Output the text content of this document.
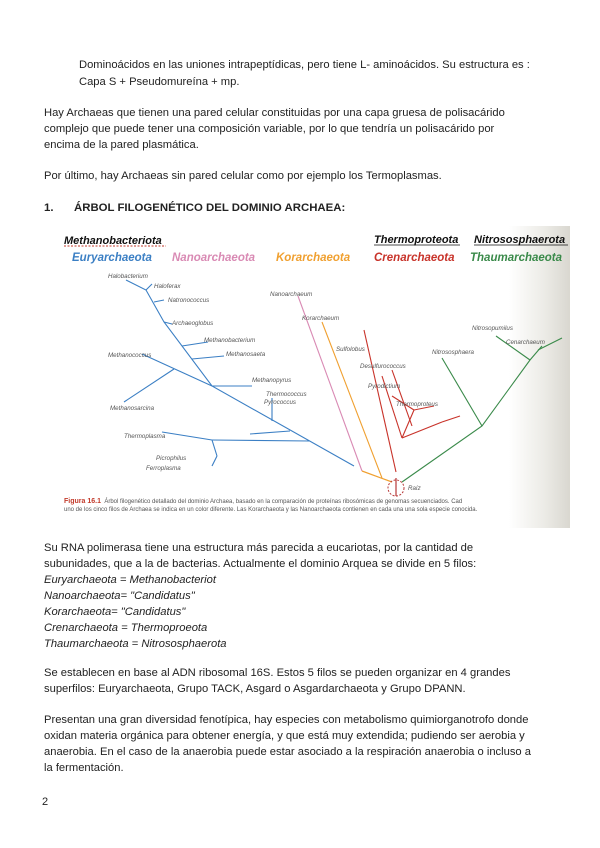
Dominoácidos en las uniones intrapeptídicas, pero tiene L- aminoácidos. Su estructura es :

Capa S + Pseudomureína + mp.

Hay Archaeas que tienen una pared celular constituidas por una capa gruesa de polisacárido

complejo que puede tener una composición variable, por lo que tendría un polisacárido por

encima de la pared plasmática.

Por último, hay Archaeas sin pared celular como por ejemplo los Termoplasmas.

1. ÁRBOL FILOGENÉTICO DEL DOMINIO ARCHAEA:

Methanobacteriota	Thermoproteota Nitrososphaerota
Euryarchaeota Nanoarchaeota Korarchaeota Crenarchaeota Thaumarchaeota
Halobacterium
Haloferax
Natronococcus
Archaeoglobus
Methanobacterium
Methanococcus	Methanosaeta
Methanopyrus
Methanosarcina
Thermococcus
Pyrococcus
Thermoplasma
Picrophilus
Ferroplasma
Nanoarchaeum
Korarchaeum
Sulfolobus
Desulfurococcus
Pyrodictium
Thermoproteus
Nitrosopumilus
Nitrososphaera
Cenarchaeum
Raíz
Figura 16.1 Árbol filogenético detallado del dominio Archaea, basado en la comparación de proteínas ribosómicas de genomas secuenciados. Cad
uno de los cinco filos de Archaea se indica en un color diferente. Las Korarchaeota y las Nanoarchaeota contienen en cada una una sola especie conocida.

Su RNA polimerasa tiene una estructura más parecida a eucariotas, por la cantidad de

subunidades, que a la de bacterias. Actualmente el dominio Arquea se divide en 5 filos:

Euryarchaeota = Methanobacteriot

Nanoarchaeota= "Candidatus"

Korarchaeota= "Candidatus"

Crenarchaeota = Thermoproeota

Thaumarchaeota = Nitrososphaerota

Se establecen en base al ADN ribosomal 16S. Estos 5 filos se pueden organizar en 4 grandes

superfilos: Euryarchaeota, Grupo TACK, Asgard o Asgardarchaeota y Grupo DPANN.

Presentan una gran diversidad fenotípica, hay especies con metabolismo quimiorganotrofo donde

oxidan materia orgánica para obtener energía, y que está muy extendida; pudiendo ser aerobia y

anaerobia. En el caso de la anaerobia puede estar asociado a la respiración anaerobia o incluso a

la fermentación.

2
